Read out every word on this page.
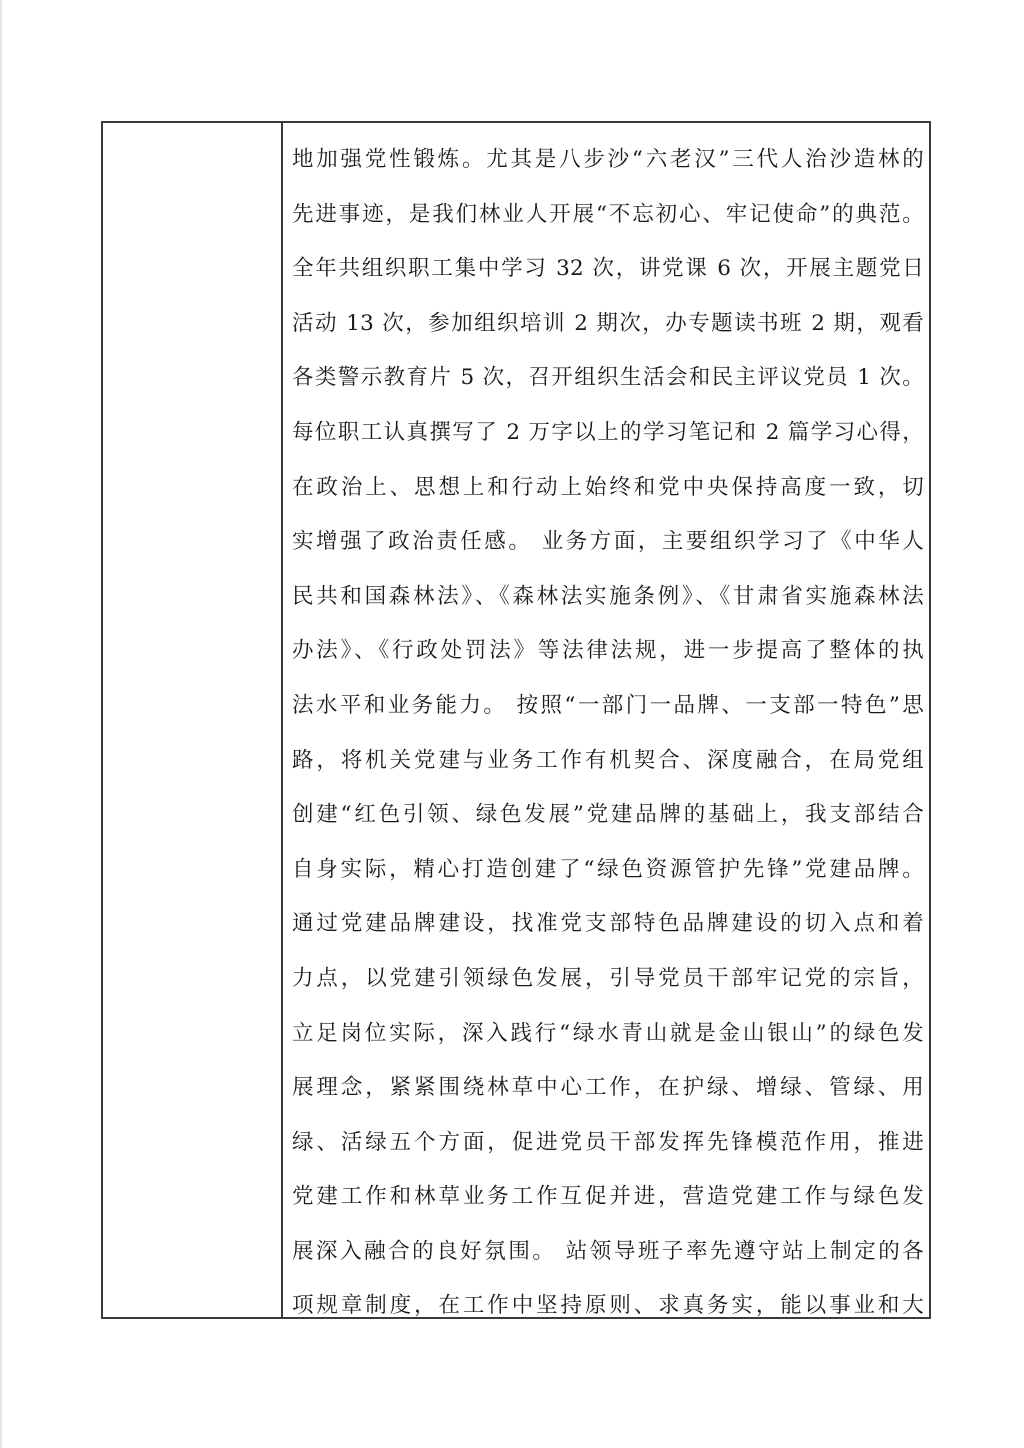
地加强党性锻炼。尤其是八步沙“六老汉”三代人治沙造林的
先进事迹，是我们林业人开展“不忘初心、牢记使命”的典范。
全年共组织职工集中学习 32 次，讲党课 6 次，开展主题党日
活动 13 次，参加组织培训 2 期次，办专题读书班 2 期，观看
各类警示教育片 5 次，召开组织生活会和民主评议党员 1 次。
每位职工认真撰写了 2 万字以上的学习笔记和 2 篇学习心得，
在政治上、思想上和行动上始终和党中央保持高度一致，切
实增强了政治责任感。 业务方面，主要组织学习了《中华人
民共和国森林法》、《森林法实施条例》、《甘肃省实施森林法
办法》、《行政处罚法》等法律法规，进一步提高了整体的执
法水平和业务能力。 按照“一部门一品牌、一支部一特色”思
路，将机关党建与业务工作有机契合、深度融合，在局党组
创建“红色引领、绿色发展”党建品牌的基础上，我支部结合
自身实际，精心打造创建了“绿色资源管护先锋”党建品牌。
通过党建品牌建设，找准党支部特色品牌建设的切入点和着
力点，以党建引领绿色发展，引导党员干部牢记党的宗旨，
立足岗位实际，深入践行“绿水青山就是金山银山”的绿色发
展理念，紧紧围绕林草中心工作，在护绿、增绿、管绿、用
绿、活绿五个方面，促进党员干部发挥先锋模范作用，推进
党建工作和林草业务工作互促并进，营造党建工作与绿色发
展深入融合的良好氛围。 站领导班子率先遵守站上制定的各
项规章制度，在工作中坚持原则、求真务实，能以事业和大
